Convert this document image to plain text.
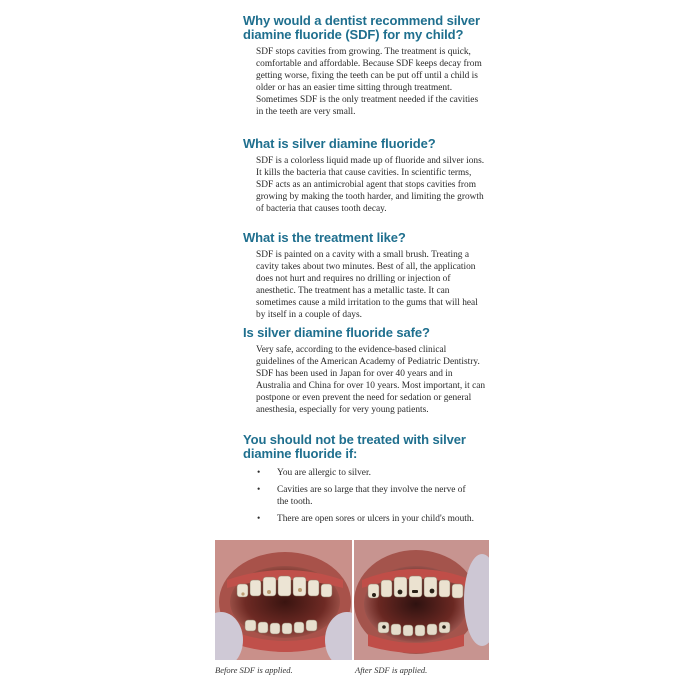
Why would a dentist recommend silver diamine fluoride (SDF) for my child?

SDF stops cavities from growing. The treatment is quick, comfortable and affordable. Because SDF keeps decay from getting worse, fixing the teeth can be put off until a child is older or has an easier time sitting through treatment. Sometimes SDF is the only treatment needed if the cavities in the teeth are very small.

What is silver diamine fluoride?

SDF is a colorless liquid made up of fluoride and silver ions. It kills the bacteria that cause cavities. In scientific terms, SDF acts as an antimicrobial agent that stops cavities from growing by making the tooth harder, and limiting the growth of bacteria that causes tooth decay.

What is the treatment like?

SDF is painted on a cavity with a small brush. Treating a cavity takes about two minutes. Best of all, the application does not hurt and requires no drilling or injection of anesthetic. The treatment has a metallic taste. It can sometimes cause a mild irritation to the gums that will heal by itself in a couple of days.

Is silver diamine fluoride safe?

Very safe, according to the evidence-based clinical guidelines of the American Academy of Pediatric Dentistry. SDF has been used in Japan for over 40 years and in Australia and China for over 10 years. Most important, it can postpone or even prevent the need for sedation or general anesthesia, especially for very young patients.

You should not be treated with silver diamine fluoride if:
• You are allergic to silver.
• Cavities are so large that they involve the nerve of the tooth.
• There are open sores or ulcers in your child's mouth.
Before SDF is applied.	After SDF is applied.
